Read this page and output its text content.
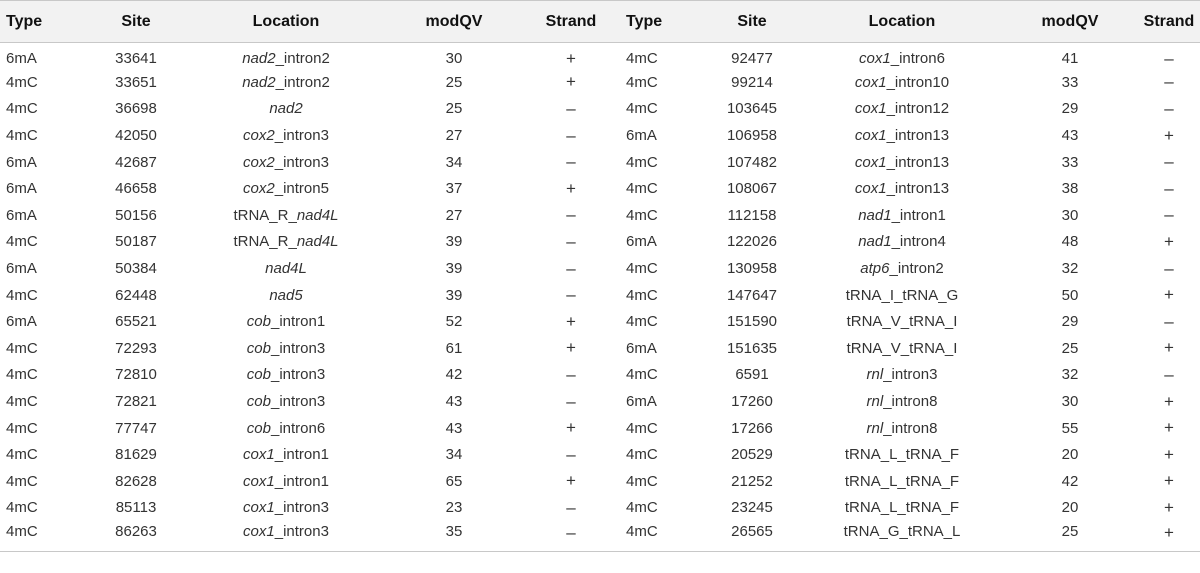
Type	Site	Location	modQV	Strand	Type	Site	Location	modQV	Strand
6mA	33641	nad2_intron2	30	+	4mC	92477	cox1_intron6	41	–
4mC	33651	nad2_intron2	25	+	4mC	99214	cox1_intron10	33	–
4mC	36698	nad2	25	–	4mC	103645	cox1_intron12	29	–
4mC	42050	cox2_intron3	27	–	6mA	106958	cox1_intron13	43	+
6mA	42687	cox2_intron3	34	–	4mC	107482	cox1_intron13	33	–
6mA	46658	cox2_intron5	37	+	4mC	108067	cox1_intron13	38	–
6mA	50156	tRNA_R_nad4L	27	–	4mC	112158	nad1_intron1	30	–
4mC	50187	tRNA_R_nad4L	39	–	6mA	122026	nad1_intron4	48	+
6mA	50384	nad4L	39	–	4mC	130958	atp6_intron2	32	–
4mC	62448	nad5	39	–	4mC	147647	tRNA_I_tRNA_G	50	+
6mA	65521	cob_intron1	52	+	4mC	151590	tRNA_V_tRNA_I	29	–
4mC	72293	cob_intron3	61	+	6mA	151635	tRNA_V_tRNA_I	25	+
4mC	72810	cob_intron3	42	–	4mC	6591	rnl_intron3	32	–
4mC	72821	cob_intron3	43	–	6mA	17260	rnl_intron8	30	+
4mC	77747	cob_intron6	43	+	4mC	17266	rnl_intron8	55	+
4mC	81629	cox1_intron1	34	–	4mC	20529	tRNA_L_tRNA_F	20	+
4mC	82628	cox1_intron1	65	+	4mC	21252	tRNA_L_tRNA_F	42	+
4mC	85113	cox1_intron3	23	–	4mC	23245	tRNA_L_tRNA_F	20	+
4mC	86263	cox1_intron3	35	–	4mC	26565	tRNA_G_tRNA_L	25	+
